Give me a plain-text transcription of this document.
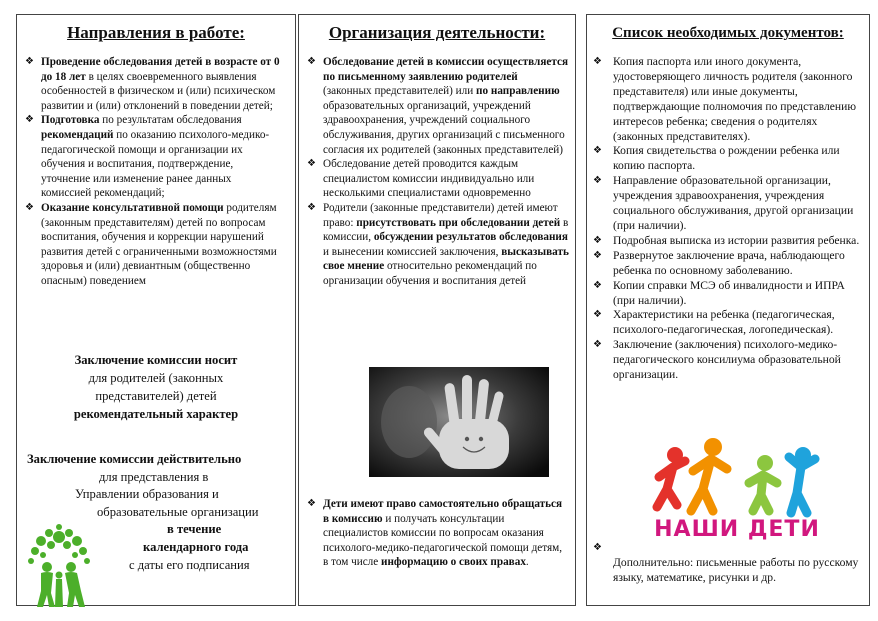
Направления в работе:
❖ Проведение обследования детей в возрасте от 0 до 18 лет в целях своевременного выявления особенностей в физическом и (или) психическом развитии и (или) отклонений в поведении детей;
❖ Подготовка по результатам обследования рекомендаций по оказанию психолого-медико-педагогической помощи и организации их обучения и воспитания, подтверждение, уточнение или изменение ранее данных комиссией рекомендаций;
❖ Оказание консультативной помощи родителям (законным представителям) детей по вопросам воспитания, обучения и коррекции нарушений развития детей с ограниченными возможностями здоровья и (или) девиантным (общественно опасным) поведением
Заключение комиссии носит
для родителей (законных
представителей) детей
рекомендательный характер
Заключение комиссии действительно
для представления в
Управлении образования и
образовательные организации
в течение
календарного года
с даты его подписания
Организация деятельности:
❖ Обследование детей в комиссии осуществляется по письменному заявлению родителей (законных представителей) или по направлению образовательных организаций, учреждений здравоохранения, учреждений социального обслуживания, других организаций с письменного согласия их родителей (законных представителей)
❖ Обследование детей проводится каждым специалистом комиссии индивидуально или несколькими специалистами одновременно
❖ Родители (законные представители) детей имеют право: присутствовать при обследовании детей в комиссии, обсуждении результатов обследования и вынесении комиссией заключения, высказывать свое мнение относительно рекомендаций по организации обучения и воспитания детей
❖ Дети имеют право самостоятельно обращаться в комиссию и получать консультации специалистов комиссии по вопросам оказания психолого-медико-педагогической помощи детям, в том числе информацию о своих правах.
Список необходимых документов:
❖ Копия паспорта или иного документа, удостоверяющего личность родителя (законного представителя) или иные документы, подтверждающие полномочия по представлению интересов ребенка; сведения о родителях (законных представителях).
❖ Копия свидетельства о рождении ребенка или копию паспорта.
❖ Направление образовательной организации, учреждения здравоохранения, учреждения социального обслуживания, другой организации (при наличии).
❖ Подробная выписка из истории развития ребенка.
❖ Развернутое заключение врача, наблюдающего ребенка по основному заболеванию.
❖ Копии справки МСЭ об инвалидности и ИПРА (при наличии).
❖ Характеристики на ребенка (педагогическая, психолого-педагогическая, логопедическая).
❖ Заключение (заключения) психолого-медико-педагогического консилиума образовательной организации.
НАШИ ДЕТИ
❖
Дополнительно: письменные работы по русскому языку, математике, рисунки и др.
